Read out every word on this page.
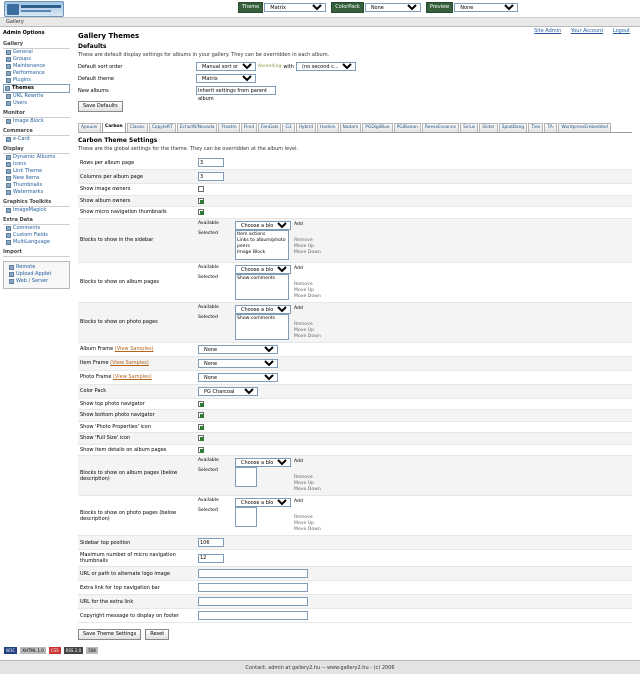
Theme
Matrix	ColorPack
None	Preview
None
Gallery
Site Admin Your Account Logout
Admin Options
Gallery
General
Groups
Maintenance
Performance
Plugins
Themes
URL Rewrite
Users
Monitor
Image Block
Commerce
e-Card
Display
Dynamic Albums
Icons
Link Theme
New Items
Thumbnails
Watermarks
Graphics Toolkits
ImageMagick
Extra Data
Comments
Custom Fields
MultiLanguage
Import
Remote
Upload Applet
Web / Server
Gallery Themes
Defaults
These are default display settings for albums in your gallery. They can be overridden in each album.
Default sort order
Manual sort order	Ascending with
(no second c...
Default theme
Matrix
New albums	Inherit settings from parent album
Save Defaults
Apouier	Carbon	Classic	CopyleftT	Echo/W/Nevada	Floatm	Flind	FanGals	G3	Hybrid	Hodein	Nadam	PGDigiBlue	PGiBanan	ReeseEssance	Sirius	Slider	SplatBang	Tien	TA-	WordpressEmbedded
Carbon Theme Settings
These are the global settings for the theme. They can be overridden at the album level.
Rows per album page	3
Columns per album page	3
Show image owners	
Show album owners	
Show micro navigation thumbnails	
Blocks to show in the sidebar	
Available
Selected
Choose a block	Item actions
Links to album/photo peers
Image Block
Add
Remove
Move Up
Move Down

Blocks to show on album pages	
Available
Selected
Choose a block	Show comments
Add
Remove
Move Up
Move Down

Blocks to show on photo pages	
Available
Selected
Choose a block	Show comments
Add
Remove
Move Up
Move Down

Album Frame (View Samples)	
None
Item Frame (View Samples)	
None
Photo Frame (View Samples)	
None
Color Pack	
PG Charcoal
Show top photo navigator	
Show bottom photo navigator	
Show 'Photo Properties' icon	
Show 'Full Size' icon	
Show item details on album pages	
Blocks to show on album pages (below description)	
Available
Selected
Choose a block
Add
Remove
Move Up
Move Down

Blocks to show on photo pages (below description)	
Available
Selected
Choose a block
Add
Remove
Move Up
Move Down

Sidebar top position	106
Maximum number of micro navigation thumbnails	12
URL or path to alternate logo image	
Extra link for top navigation bar	
URL for the extra link	
Copyright message to display on footer	
Save Theme Settings	Reset
W3C	XHTML 1.0	CSS	RSS 2.0	508
Contact: admin at gallery2.hu -- www.gallery2.hu - (c) 2006
